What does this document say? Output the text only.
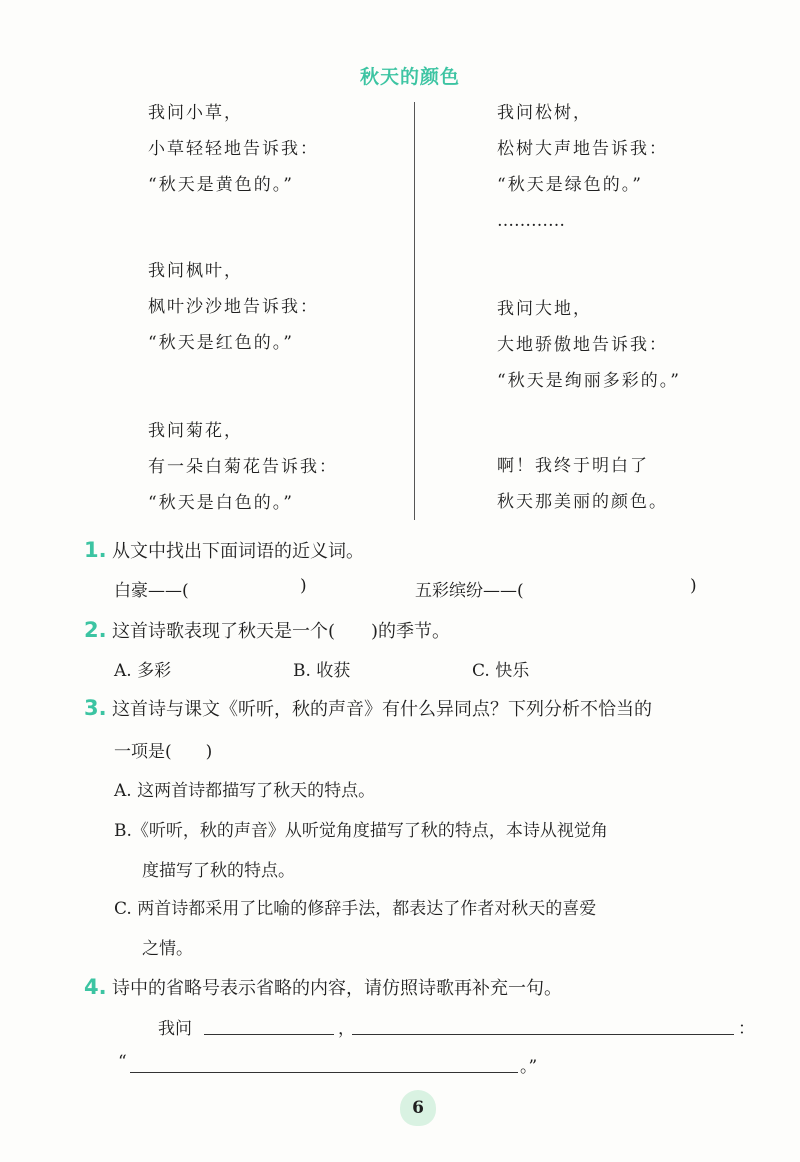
秋天的颜色
我问小草，
小草轻轻地告诉我：
“秋天是黄色的。”
我问枫叶，
枫叶沙沙地告诉我：
“秋天是红色的。”
我问菊花，
有一朵白菊花告诉我：
“秋天是白色的。”
我问松树，
松树大声地告诉我：
“秋天是绿色的。”
…………
我问大地，
大地骄傲地告诉我：
“秋天是绚丽多彩的。”
啊！我终于明白了
秋天那美丽的颜色。
1. 从文中找出下面词语的近义词。
白豪——(	)	五彩缤纷——(	)
2. 这首诗歌表现了秋天是一个(　　)的季节。
A. 多彩	B. 收获	C. 快乐
3. 这首诗与课文《听听，秋的声音》有什么异同点？下列分析不恰当的
一项是(　　)
A. 这两首诗都描写了秋天的特点。
B.《听听，秋的声音》从听觉角度描写了秋的特点，本诗从视觉角
度描写了秋的特点。
C. 两首诗都采用了比喻的修辞手法，都表达了作者对秋天的喜爱
之情。
4. 诗中的省略号表示省略的内容，请仿照诗歌再补充一句。
我问	，	：
“	。”
6
